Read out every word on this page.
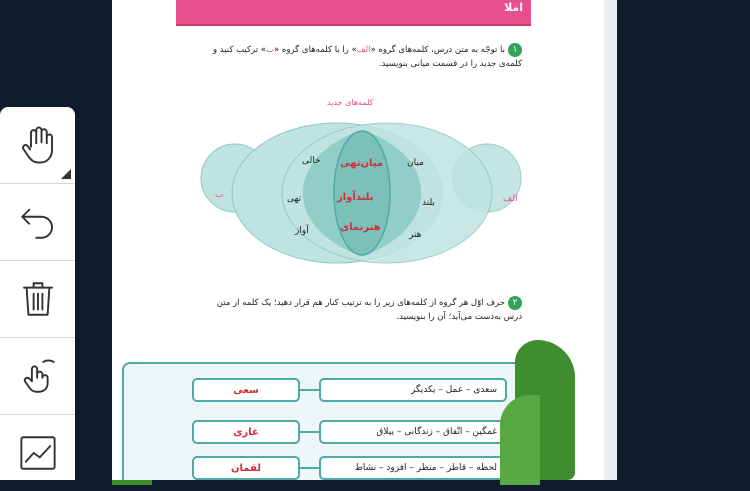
املا
۱با توجّه به متن درس، کلمه‌های گروه «الف» را با کلمه‌های گروه «ب» ترکیب کنید و
کلمه‌ی جدید را در قسمت میانی بنویسید.
کلمه‌های جدید
الف
ب
میان
بلند
هنر
خالی
تهی
آواز
میان‌تهی
بلندآواز
هنرنمای
۲حرف اوّل هر گروه از کلمه‌های زیر را به ترتیب کنار هم قرار دهید؛ یک کلمه از متن
درس به‌دست می‌آید؛ آن را بنویسید.
سعدی – عمل – یکدیگر
سعی
غمگین – اتّفاق – زندگانی – ییلاق
غازی
لحظه – قاطر – منظر – افزود – نشاط
لقمان
